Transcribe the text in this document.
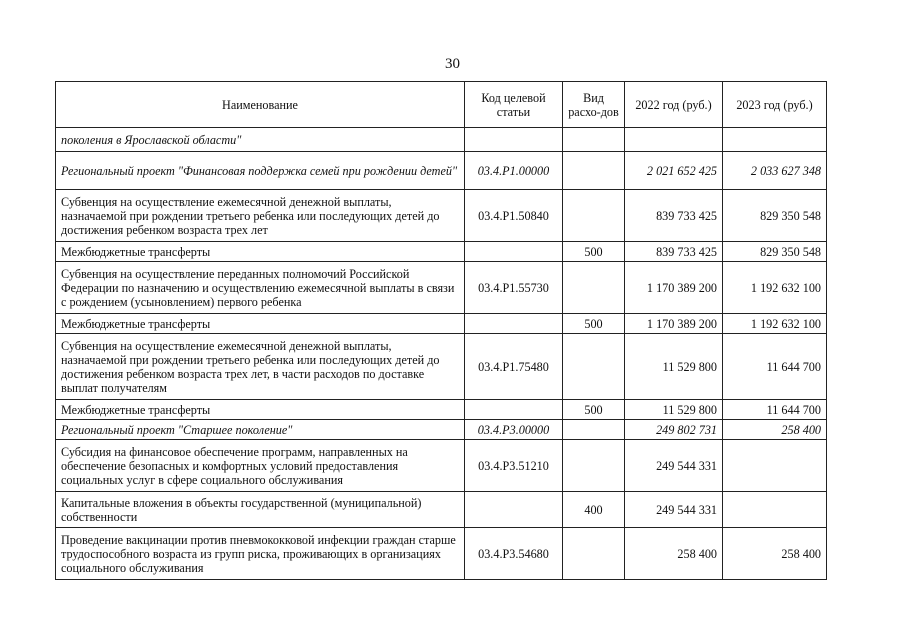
30
Наименование	Код целевой статьи	Вид расхо-дов	2022 год (руб.)	2023 год (руб.)
поколения в Ярославской области"				
Региональный проект "Финансовая поддержка семей при рождении детей"	03.4.P1.00000		2 021 652 425	2 033 627 348
Субвенция на осуществление ежемесячной денежной выплаты, назначаемой при рождении третьего ребенка или последующих детей до достижения ребенком возраста трех лет	03.4.P1.50840		839 733 425	829 350 548
Межбюджетные трансферты		500	839 733 425	829 350 548
Субвенция на осуществление переданных полномочий Российской Федерации по назначению и осуществлению ежемесячной выплаты в связи с рождением (усыновлением) первого ребенка	03.4.P1.55730		1 170 389 200	1 192 632 100
Межбюджетные трансферты		500	1 170 389 200	1 192 632 100
Субвенция на осуществление ежемесячной денежной выплаты, назначаемой при рождении третьего ребенка или последующих детей до достижения ребенком возраста трех лет, в части расходов по доставке выплат получателям	03.4.P1.75480		11 529 800	11 644 700
Межбюджетные трансферты		500	11 529 800	11 644 700
Региональный проект "Старшее поколение"	03.4.P3.00000		249 802 731	258 400
Субсидия на финансовое обеспечение программ, направленных на обеспечение безопасных и комфортных условий предоставления социальных услуг в сфере социального обслуживания	03.4.P3.51210		249 544 331	
Капитальные вложения в объекты государственной (муниципальной) собственности		400	249 544 331	
Проведение вакцинации против пневмококковой инфекции граждан старше трудоспособного возраста из групп риска, проживающих в организациях социального обслуживания	03.4.P3.54680		258 400	258 400
